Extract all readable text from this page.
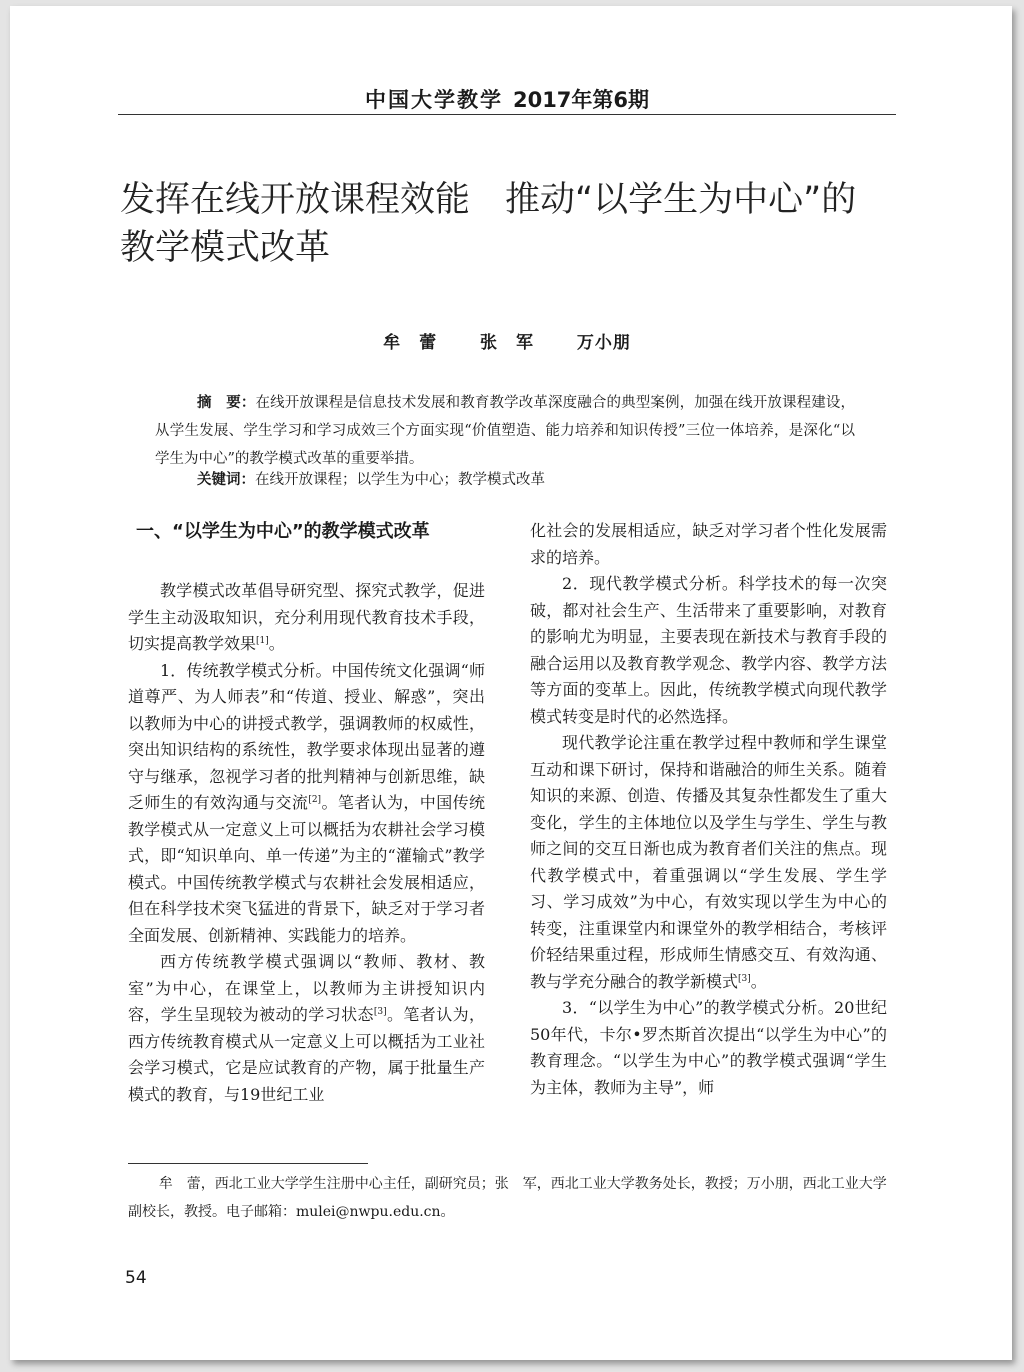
中国大学教学 2017年第6期
发挥在线开放课程效能　推动“以学生为中心”的
教学模式改革
牟　蕾	张　军	万小朋
摘　要：在线开放课程是信息技术发展和教育教学改革深度融合的典型案例，加强在线开放课程建设，从学生发展、学生学习和学习成效三个方面实现“价值塑造、能力培养和知识传授”三位一体培养，是深化“以学生为中心”的教学模式改革的重要举措。
关键词：在线开放课程；以学生为中心；教学模式改革
一、“以学生为中心”的教学模式改革

教学模式改革倡导研究型、探究式教学，促进学生主动汲取知识，充分利用现代教育技术手段，切实提高教学效果[1]。

1．传统教学模式分析。中国传统文化强调“师道尊严、为人师表”和“传道、授业、解惑”，突出以教师为中心的讲授式教学，强调教师的权威性，突出知识结构的系统性，教学要求体现出显著的遵守与继承，忽视学习者的批判精神与创新思维，缺乏师生的有效沟通与交流[2]。笔者认为，中国传统教学模式从一定意义上可以概括为农耕社会学习模式，即“知识单向、单一传递”为主的“灌输式”教学模式。中国传统教学模式与农耕社会发展相适应，但在科学技术突飞猛进的背景下，缺乏对于学习者全面发展、创新精神、实践能力的培养。

西方传统教学模式强调以“教师、教材、教室”为中心，在课堂上，以教师为主讲授知识内容，学生呈现较为被动的学习状态[3]。笔者认为，西方传统教育模式从一定意义上可以概括为工业社会学习模式，它是应试教育的产物，属于批量生产模式的教育，与19世纪工业

化社会的发展相适应，缺乏对学习者个性化发展需求的培养。

2．现代教学模式分析。科学技术的每一次突破，都对社会生产、生活带来了重要影响，对教育的影响尤为明显，主要表现在新技术与教育手段的融合运用以及教育教学观念、教学内容、教学方法等方面的变革上。因此，传统教学模式向现代教学模式转变是时代的必然选择。

现代教学论注重在教学过程中教师和学生课堂互动和课下研讨，保持和谐融洽的师生关系。随着知识的来源、创造、传播及其复杂性都发生了重大变化，学生的主体地位以及学生与学生、学生与教师之间的交互日渐也成为教育者们关注的焦点。现代教学模式中，着重强调以“学生发展、学生学习、学习成效”为中心，有效实现以学生为中心的转变，注重课堂内和课堂外的教学相结合，考核评价轻结果重过程，形成师生情感交互、有效沟通、教与学充分融合的教学新模式[3]。

3．“以学生为中心”的教学模式分析。20世纪50年代，卡尔•罗杰斯首次提出“以学生为中心”的教育理念。“以学生为中心”的教学模式强调“学生为主体，教师为主导”，师

牟　蕾，西北工业大学学生注册中心主任，副研究员；张　军，西北工业大学教务处长，教授；万小朋，西北工业大学副校长，教授。电子邮箱：mulei@nwpu.edu.cn。
54
